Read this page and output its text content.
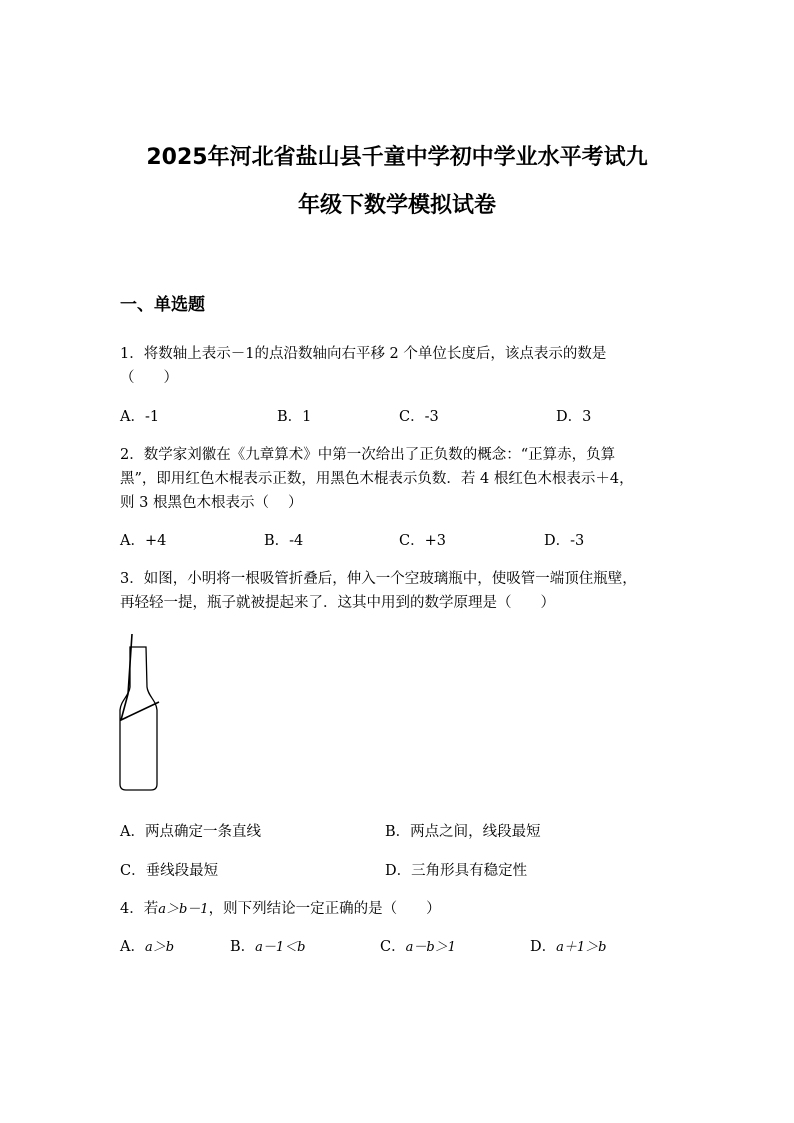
2025年河北省盐山县千童中学初中学业水平考试九
年级下数学模拟试卷
一、单选题
1．将数轴上表示－1的点沿数轴向右平移 2 个单位长度后，该点表示的数是
（　　）
A．-1	B．1	C．-3	D．3
2．数学家刘徽在《九章算术》中第一次给出了正负数的概念：“正算赤，负算
黑”，即用红色木棍表示正数，用黑色木棍表示负数．若 4 根红色木根表示＋4，
则 3 根黑色木根表示（　 ）
A．+4	B．-4	C．+3	D．-3
3．如图，小明将一根吸管折叠后，伸入一个空玻璃瓶中，使吸管一端顶住瓶壁，
再轻轻一提，瓶子就被提起来了．这其中用到的数学原理是（　　）
A．两点确定一条直线	B．两点之间，线段最短
C．垂线段最短	D．三角形具有稳定性
4．若a＞b－1，则下列结论一定正确的是（　　）
A．a＞b	B．a－1＜b	C．a－b＞1	D．a＋1＞b
